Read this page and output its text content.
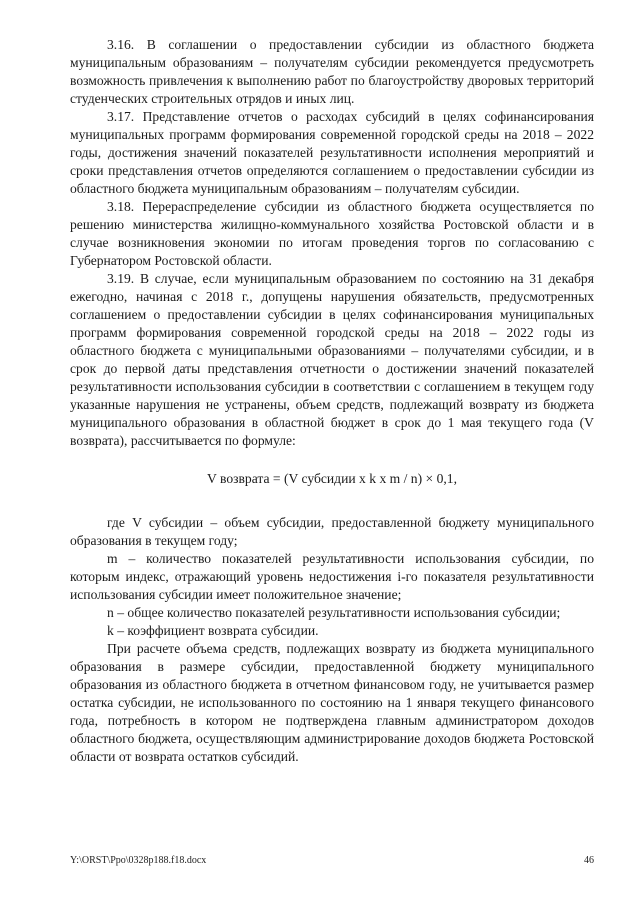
3.16. В соглашении о предоставлении субсидии из областного бюджета муниципальным образованиям – получателям субсидии рекомендуется предусмотреть возможность привлечения к выполнению работ по благоустройству дворовых территорий студенческих строительных отрядов и иных лиц.

3.17. Представление отчетов о расходах субсидий в целях софинансирования муниципальных программ формирования современной городской среды на 2018 – 2022 годы, достижения значений показателей результативности исполнения мероприятий и сроки представления отчетов определяются соглашением о предоставлении субсидии из областного бюджета муниципальным образованиям – получателям субсидии.

3.18. Перераспределение субсидии из областного бюджета осуществляется по решению министерства жилищно-коммунального хозяйства Ростовской области и в случае возникновения экономии по итогам проведения торгов по согласованию с Губернатором Ростовской области.

3.19. В случае, если муниципальным образованием по состоянию на 31 декабря ежегодно, начиная с 2018 г., допущены нарушения обязательств, предусмотренных соглашением о предоставлении субсидии в целях софинансирования муниципальных программ формирования современной городской среды на 2018 – 2022 годы из областного бюджета с муниципальными образованиями – получателями субсидии, и в срок до первой даты представления отчетности о достижении значений показателей результативности использования субсидии в соответствии с соглашением в текущем году указанные нарушения не устранены, объем средств, подлежащий возврату из бюджета муниципального образования в областной бюджет в срок до 1 мая текущего года (V возврата), рассчитывается по формуле:

V возврата = (V субсидии x k x m / n) × 0,1,

где V субсидии – объем субсидии, предоставленной бюджету муниципального образования в текущем году;

m – количество показателей результативности использования субсидии, по которым индекс, отражающий уровень недостижения i-го показателя результативности использования субсидии имеет положительное значение;

n – общее количество показателей результативности использования субсидии;

k – коэффициент возврата субсидии.

При расчете объема средств, подлежащих возврату из бюджета муниципального образования в размере субсидии, предоставленной бюджету муниципального образования из областного бюджета в отчетном финансовом году, не учитывается размер остатка субсидии, не использованного по состоянию на 1 января текущего финансового года, потребность в котором не подтверждена главным администратором доходов областного бюджета, осуществляющим администрирование доходов бюджета Ростовской области от возврата остатков субсидий.

Y:\ORST\Ppo\0328p188.f18.docx	46
